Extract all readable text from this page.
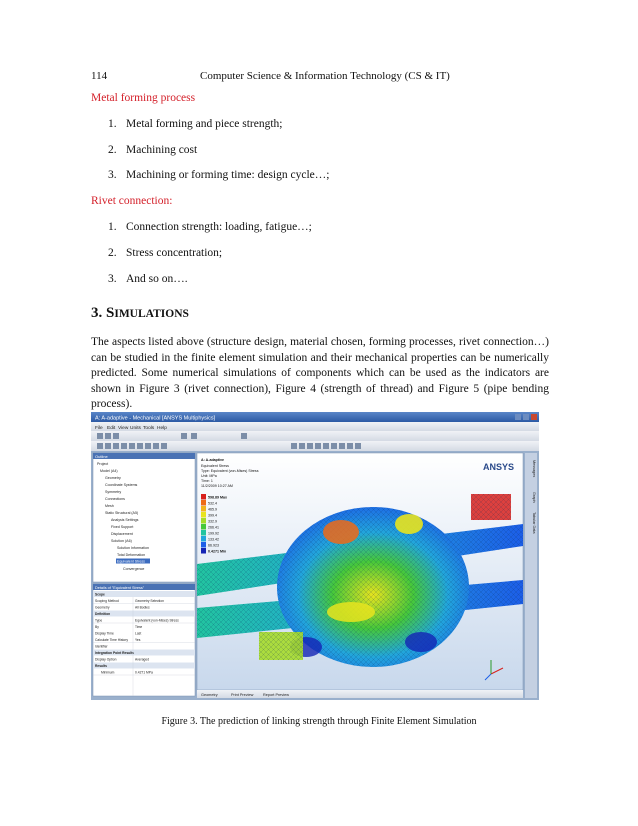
114	Computer Science & Information Technology (CS & IT)
Metal forming process
1. Metal forming and piece strength;
2. Machining cost
3. Machining or forming time: design cycle…;
Rivet connection:
1. Connection strength: loading, fatigue…;
2. Stress concentration;
3. And so on….
3. SIMULATIONS
The aspects listed above (structure design, material chosen, forming processes, rivet connection…) can be studied in the finite element simulation and their mechanical properties can be numerically predicted. Some numerical simulations of components which can be used as the indicators are shown in Figure 3 (rivet connection), Figure 4 (strength of thread) and Figure 5 (pipe bending process).
A: A-adaptive - Mechanical [ANSYS Multiphysics]
File Edit View Units Tools Help
Outline
Project
Model (A4)
Geometry
Coordinate Systems
Symmetry
Connections
Mesh
Static Structural (A5)
Analysis Settings
Fixed Support
Displacement
Solution (A6)
Solution Information
Total Deformation
Equivalent Stress
Convergence
Details of "Equivalent Stress"
Scope
Scoping Method	Geometry Selection
Geometry	All Bodies
Definition
Type	Equivalent (von-Mises) Stress
By	Time
Display Time	Last
Calculate Time History Yes
Identifier
Integration Point Results
Display Option	Averaged
Results
Minimum	0.4271 MPa
A: A-adaptive
Equivalent Stress
Type: Equivalent (von-Mises) Stress
Unit: MPa
Time: 1
11/2/2009 10:27 AM
598.89 Max
532.4
465.9
399.4
332.9
266.41
199.92
133.42
66.923
0.4271 Min
ANSYS
Geometry	Print Preview	Report Preview
Messages
Graph
Tabular Data
Figure 3. The prediction of linking strength through Finite Element Simulation
